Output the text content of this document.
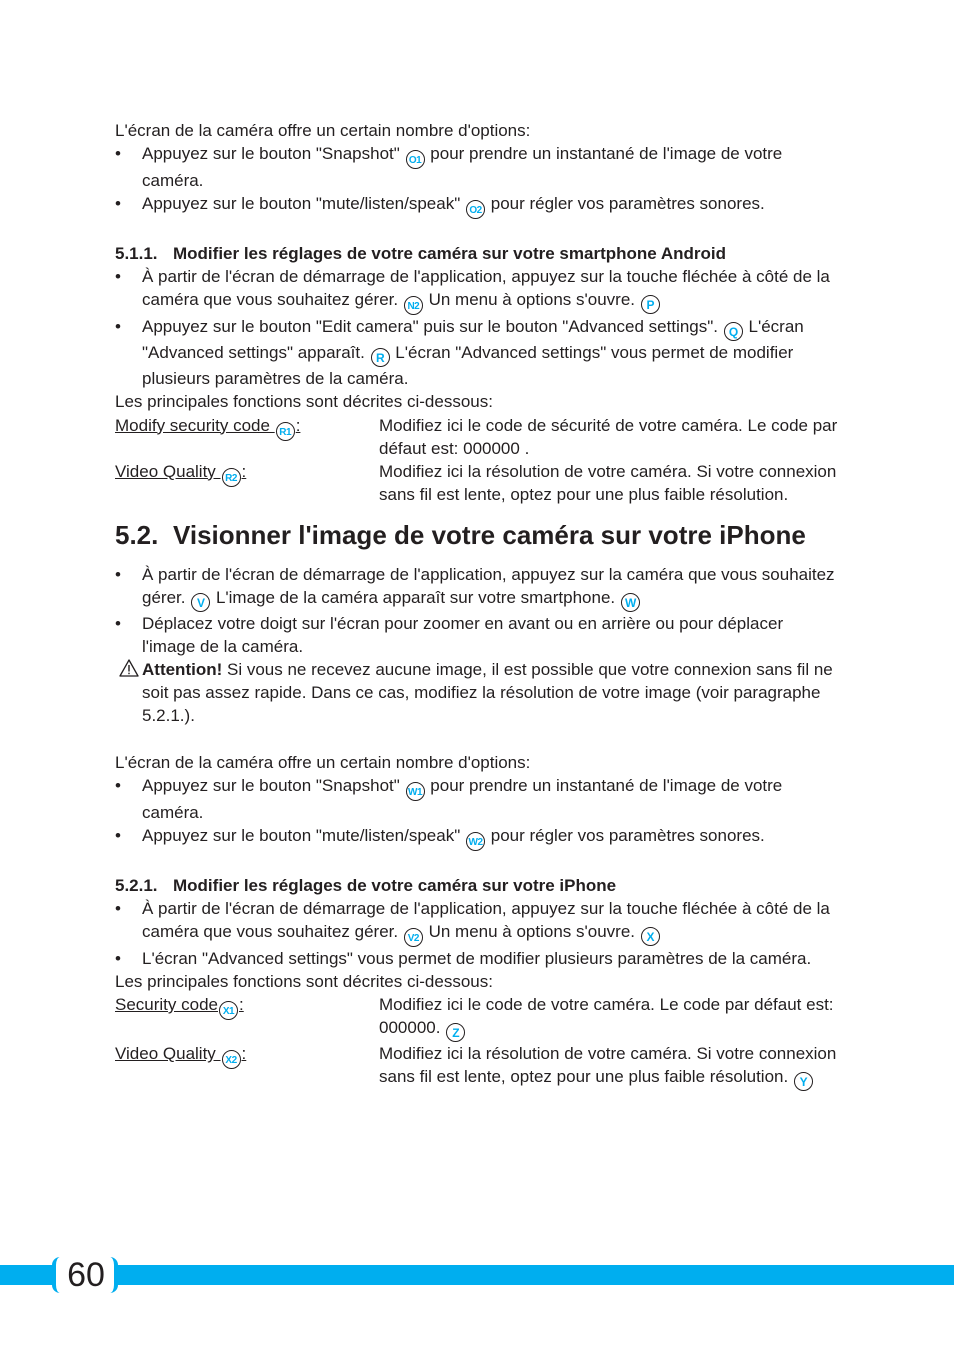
L'écran de la caméra offre un certain nombre d'options:

• Appuyez sur le bouton "Snapshot" O1 pour prendre un instantané de l'image de votre caméra.
• Appuyez sur le bouton "mute/listen/speak" O2 pour régler vos paramètres sonores.
5.1.1. Modifier les réglages de votre caméra sur votre smartphone Android
• À partir de l'écran de démarrage de l'application, appuyez sur la touche fléchée à côté de la caméra que vous souhaitez gérer. N2 Un menu à options s'ouvre. P
• Appuyez sur le bouton "Edit camera" puis sur le bouton "Advanced settings". Q L'écran "Advanced settings" apparaît. R L'écran "Advanced settings" vous permet de modifier plusieurs paramètres de la caméra.

Les principales fonctions sont décrites ci-dessous:

Modify security code R1 :	Modifiez ici le code de sécurité de votre caméra. Le code par défaut est: 000000 .
Video Quality R2 :	Modifiez ici la résolution de votre caméra. Si votre connexion sans fil est lente, optez pour une plus faible résolution.
5.2. Visionner l'image de votre caméra sur votre iPhone
• À partir de l'écran de démarrage de l'application, appuyez sur la caméra que vous souhaitez gérer. V L'image de la caméra apparaît sur votre smartphone. W
• Déplacez votre doigt sur l'écran pour zoomer en avant ou en arrière ou pour déplacer l'image de la caméra.
Attention! Si vous ne recevez aucune image, il est possible que votre connexion sans fil ne soit pas assez rapide. Dans ce cas, modifiez la résolution de votre image (voir paragraphe 5.2.1.).

L'écran de la caméra offre un certain nombre d'options:

• Appuyez sur le bouton "Snapshot" W1 pour prendre un instantané de l'image de votre caméra.
• Appuyez sur le bouton "mute/listen/speak" W2 pour régler vos paramètres sonores.
5.2.1. Modifier les réglages de votre caméra sur votre iPhone
• À partir de l'écran de démarrage de l'application, appuyez sur la touche fléchée à côté de la caméra que vous souhaitez gérer. V2 Un menu à options s'ouvre. X
• L'écran "Advanced settings" vous permet de modifier plusieurs paramètres de la caméra.

Les principales fonctions sont décrites ci-dessous:

Security code X1 :	Modifiez ici le code de votre caméra. Le code par défaut est: 000000. Z
Video Quality X2 :	Modifiez ici la résolution de votre caméra. Si votre connexion sans fil est lente, optez pour une plus faible résolution. Y
60
